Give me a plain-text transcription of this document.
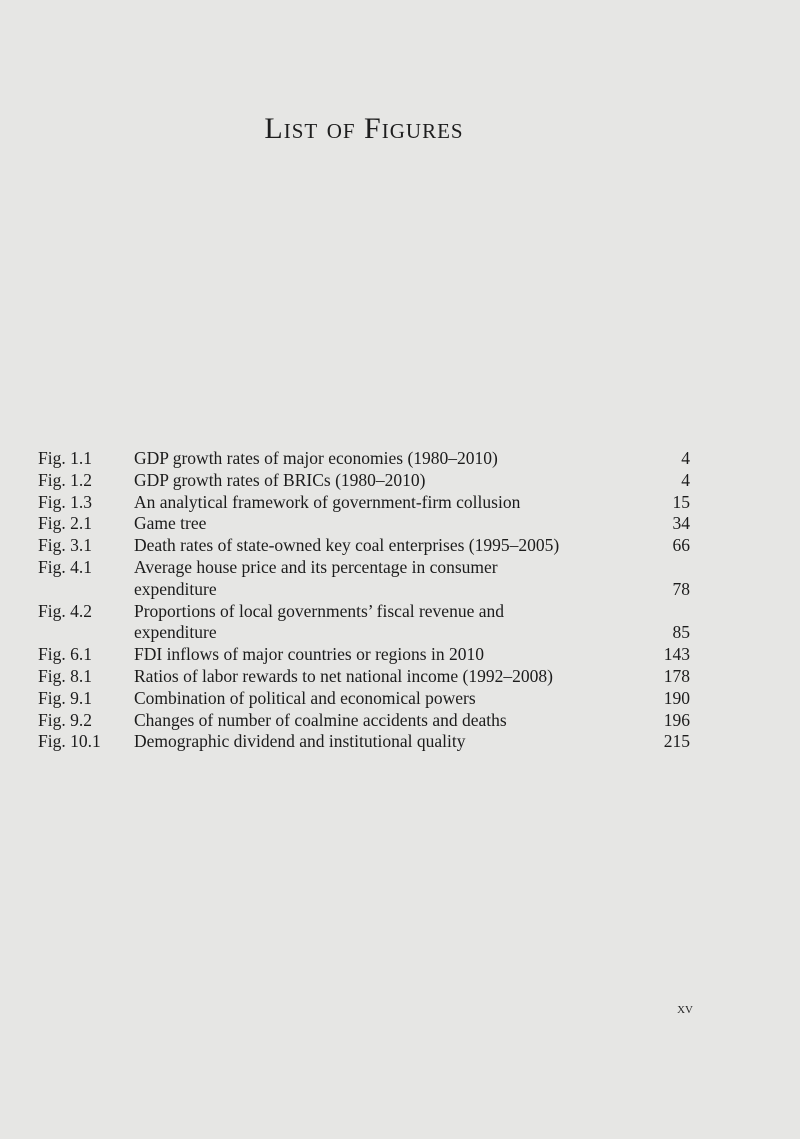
List of Figures
Fig. 1.1	GDP growth rates of major economies (1980–2010)	4
Fig. 1.2	GDP growth rates of BRICs (1980–2010)	4
Fig. 1.3	An analytical framework of government-firm collusion	15
Fig. 2.1	Game tree	34
Fig. 3.1	Death rates of state-owned key coal enterprises (1995–2005)	66
Fig. 4.1	Average house price and its percentage in consumer
expenditure	78
Fig. 4.2	Proportions of local governments’ fiscal revenue and
expenditure	85
Fig. 6.1	FDI inflows of major countries or regions in 2010	143
Fig. 8.1	Ratios of labor rewards to net national income (1992–2008)	178
Fig. 9.1	Combination of political and economical powers	190
Fig. 9.2	Changes of number of coalmine accidents and deaths	196
Fig. 10.1	Demographic dividend and institutional quality	215
xv
